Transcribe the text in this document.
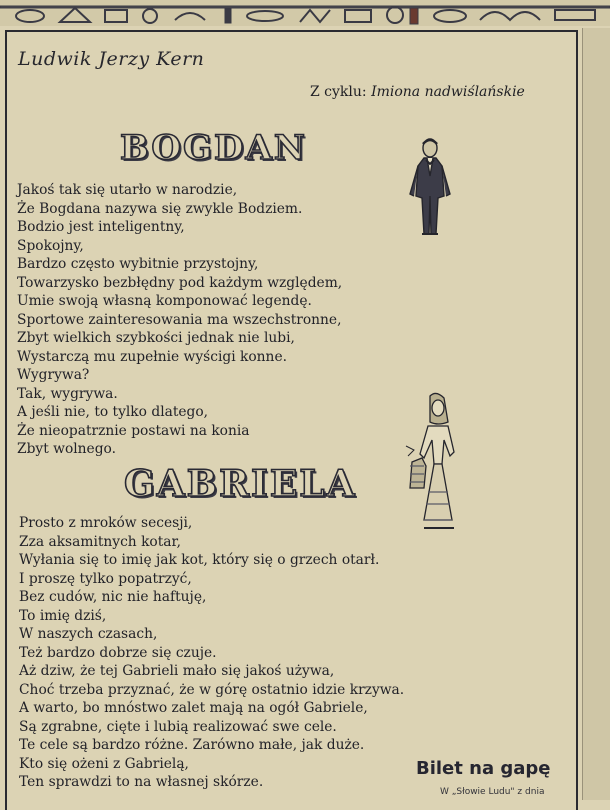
Ludwik Jerzy Kern
Z cyklu: Imiona nadwiślańskie
BOGDAN
Jakoś tak się utarło w narodzie,
Że Bogdana nazywa się zwykle Bodziem.
Bodzio jest inteligentny,
Spokojny,
Bardzo często wybitnie przystojny,
Towarzysko bezbłędny pod każdym względem,
Umie swoją własną komponować legendę.
Sportowe zainteresowania ma wszechstronne,
Zbyt wielkich szybkości jednak nie lubi,
Wystarczą mu zupełnie wyścigi konne.
Wygrywa?
Tak, wygrywa.
A jeśli nie, to tylko dlatego,
Że nieopatrznie postawi na konia
Zbyt wolnego.
GABRIELA
Prosto z mroków secesji,
Zza aksamitnych kotar,
Wyłania się to imię jak kot, który się o grzech otarł.
I proszę tylko popatrzyć,
Bez cudów, nic nie haftuję,
To imię dziś,
W naszych czasach,
Też bardzo dobrze się czuje.
Aż dziw, że tej Gabrieli mało się jakoś używa,
Choć trzeba przyznać, że w górę ostatnio idzie krzywa.
A warto, bo mnóstwo zalet mają na ogół Gabriele,
Są zgrabne, cięte i lubią realizować swe cele.
Te cele są bardzo różne. Zarówno małe, jak duże.
Kto się ożeni z Gabrielą,
Ten sprawdzi to na własnej skórze.
Bilet na gapę
W „Słowie Ludu" z dnia
